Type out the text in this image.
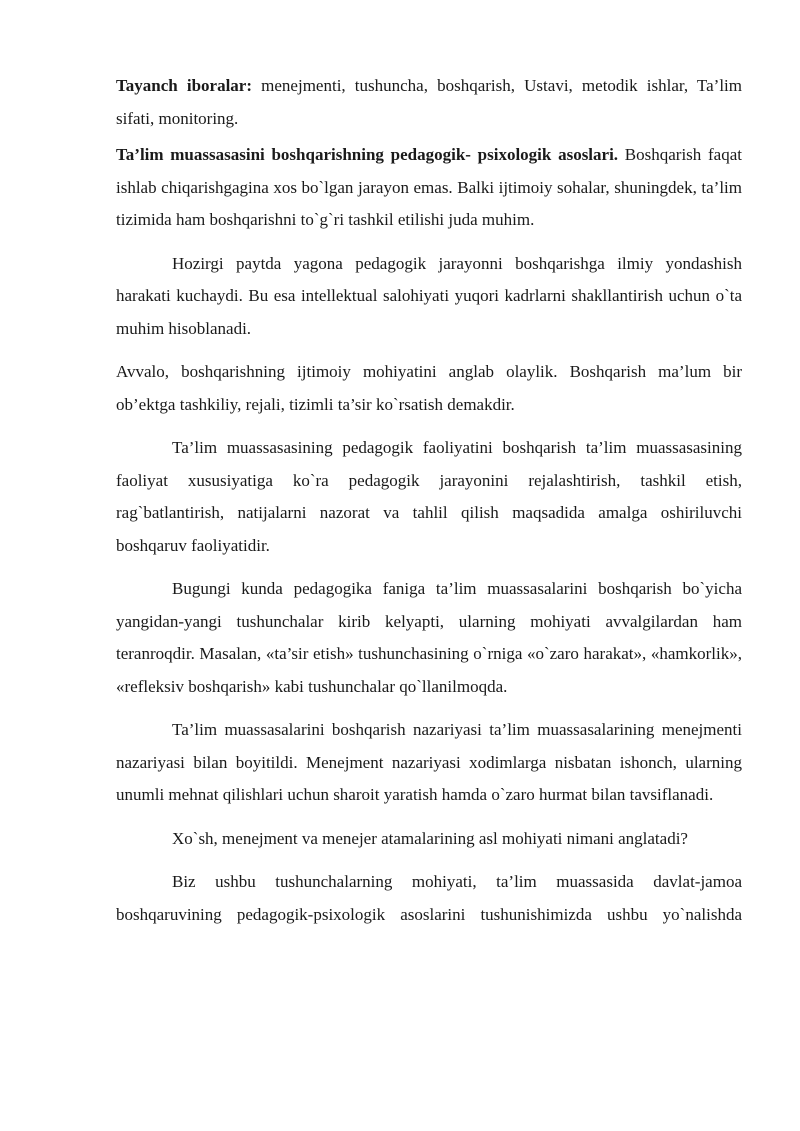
Tayanch iboralar: menejmenti, tushuncha, boshqarish, Ustavi, metodik ishlar, Ta’lim sifati, monitoring.

Ta’lim muassasasini boshqarishning pedagogik- psixologik asoslari. Boshqarish faqat ishlab chiqarishgagina xos bo`lgan jarayon emas. Balki ijtimoiy sohalar, shuningdek, ta’lim tizimida ham boshqarishni to`g`ri tashkil etilishi juda muhim.

Hozirgi paytda yagona pedagogik jarayonni boshqarishga ilmiy yondashish harakati kuchaydi. Bu esa intellektual salohiyati yuqori kadrlarni shakllantirish uchun o`ta muhim hisoblanadi.

Avvalo, boshqarishning ijtimoiy mohiyatini anglab olaylik. Boshqarish ma’lum bir ob’ektga tashkiliy, rejali, tizimli ta’sir ko`rsatish demakdir.

Ta’lim muassasasining pedagogik faoliyatini boshqarish ta’lim muassasasining faoliyat xususiyatiga ko`ra pedagogik jarayonini rejalashtirish, tashkil etish, rag`batlantirish, natijalarni nazorat va tahlil qilish maqsadida amalga oshiriluvchi boshqaruv faoliyatidir.

Bugungi kunda pedagogika faniga ta’lim muassasalarini boshqarish bo`yicha yangidan-yangi tushunchalar kirib kelyapti, ularning mohiyati avvalgilardan ham teranroqdir. Masalan, «ta’sir etish» tushunchasining o`rniga «o`zaro harakat», «hamkorlik», «refleksiv boshqarish» kabi tushunchalar qo`llanilmoqda.

Ta’lim muassasalarini boshqarish nazariyasi ta’lim muassasalarining menejmenti nazariyasi bilan boyitildi. Menejment nazariyasi xodimlarga nisbatan ishonch, ularning unumli mehnat qilishlari uchun sharoit yaratish hamda o`zaro hurmat bilan tavsiflanadi.

Xo`sh, menejment va menejer atamalarining asl mohiyati nimani anglatadi?

Biz ushbu tushunchalarning mohiyati, ta’lim muassasida davlat-jamoa boshqaruvining pedagogik-psixologik asoslarini tushunishimizda ushbu yo`nalishda
